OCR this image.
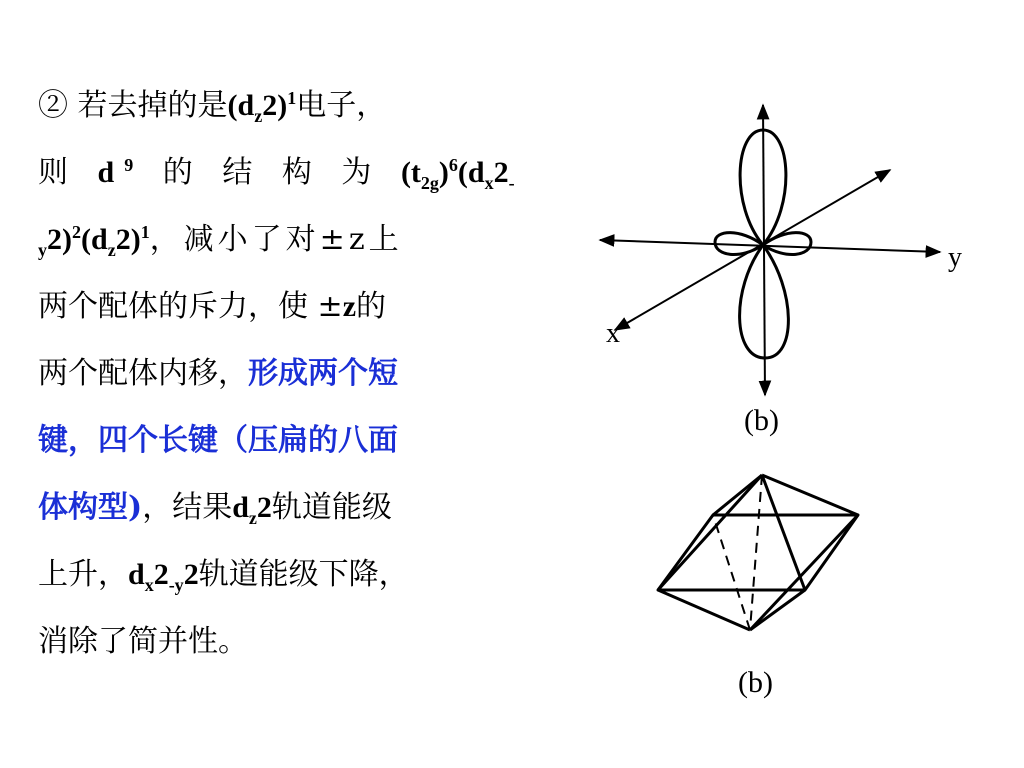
② 若去掉的是$(d_z2)^1$电子，
则 $d^9$ 的 结 构 为 $(t_{2g})^6(d_x2_-$
$_y2)^2(d_z2)^1$，减小了对±z上
两个配体的斥力，使 ±z的
两个配体内移，形成两个短
键，四个长键（压扁的八面
体构型)，结果$d_z2$轨道能级
上升，$d_x2_{-y}2$轨道能级下降，
消除了简并性。
y
x
(b)
(b)
